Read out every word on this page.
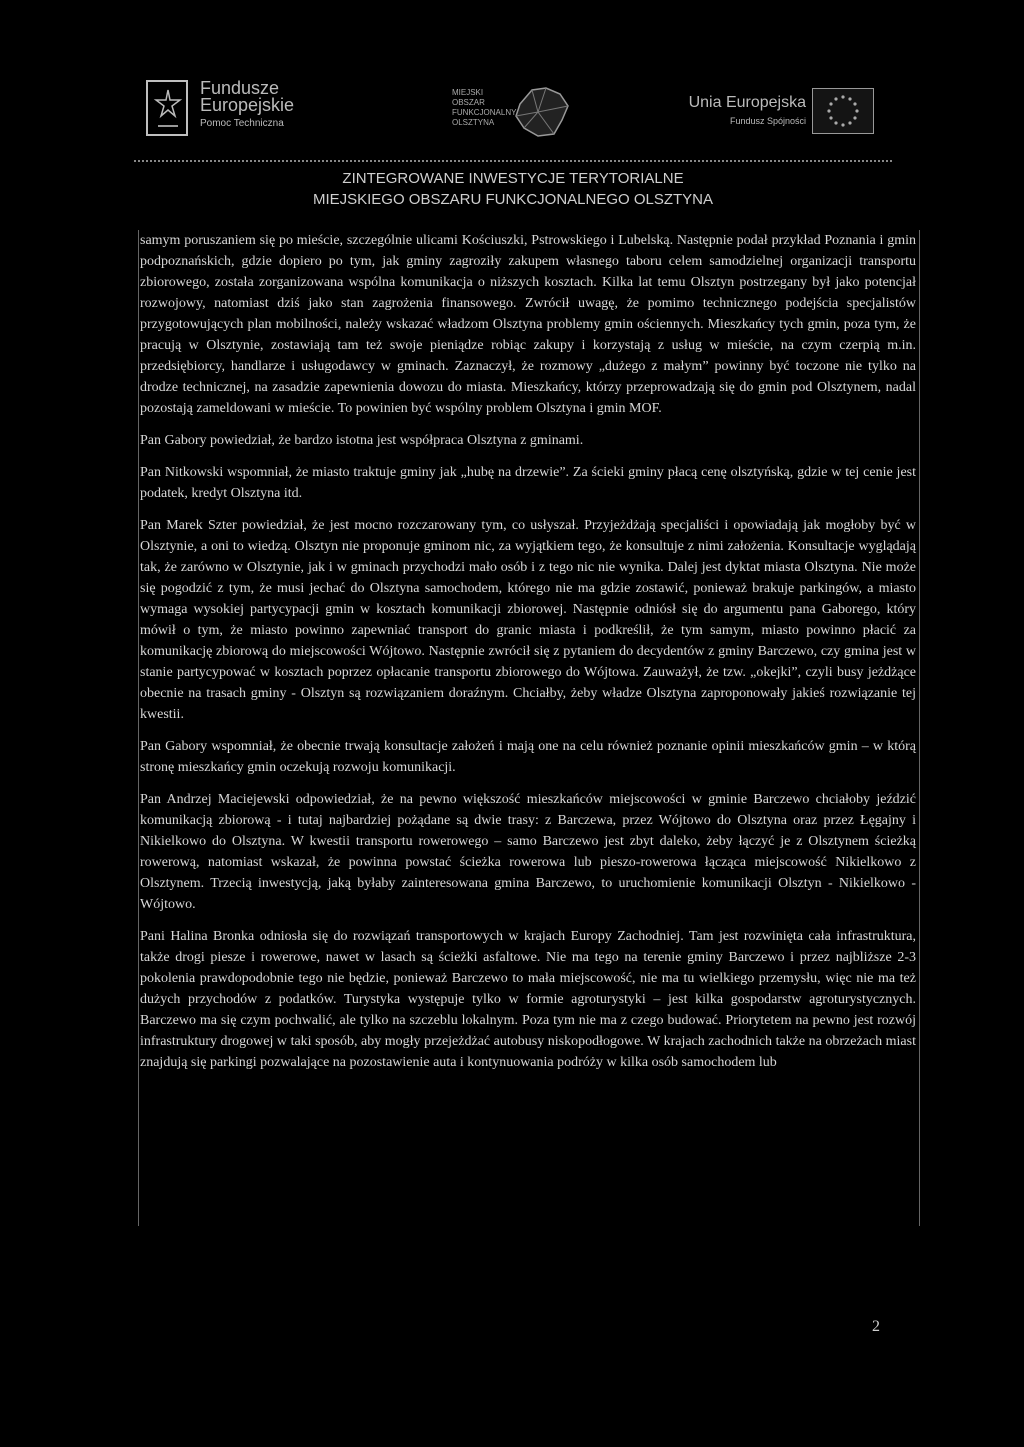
Fundusze
Europejskie
Pomoc Techniczna
MIEJSKI
OBSZAR
FUNKCJONALNY
OLSZTYNA
Unia Europejska
Fundusz Spójności
ZINTEGROWANE INWESTYCJE TERYTORIALNE
MIEJSKIEGO OBSZARU FUNKCJONALNEGO OLSZTYNA

samym poruszaniem się po mieście, szczególnie ulicami Kościuszki, Pstrowskiego i Lubelską. Następnie podał przykład Poznania i gmin podpoznańskich, gdzie dopiero po tym, jak gminy zagroziły zakupem własnego taboru celem samodzielnej organizacji transportu zbiorowego, została zorganizowana wspólna komunikacja o niższych kosztach. Kilka lat temu Olsztyn postrzegany był jako potencjał rozwojowy, natomiast dziś jako stan zagrożenia finansowego. Zwrócił uwagę, że pomimo technicznego podejścia specjalistów przygotowujących plan mobilności, należy wskazać władzom Olsztyna problemy gmin ościennych. Mieszkańcy tych gmin, poza tym, że pracują w Olsztynie, zostawiają tam też swoje pieniądze robiąc zakupy i korzystają z usług w mieście, na czym czerpią m.in. przedsiębiorcy, handlarze i usługodawcy w gminach. Zaznaczył, że rozmowy „dużego z małym” powinny być toczone nie tylko na drodze technicznej, na zasadzie zapewnienia dowozu do miasta. Mieszkańcy, którzy przeprowadzają się do gmin pod Olsztynem, nadal pozostają zameldowani w mieście. To powinien być wspólny problem Olsztyna i gmin MOF.

Pan Gabory powiedział, że bardzo istotna jest współpraca Olsztyna z gminami.

Pan Nitkowski wspomniał, że miasto traktuje gminy jak „hubę na drzewie”. Za ścieki gminy płacą cenę olsztyńską, gdzie w tej cenie jest podatek, kredyt Olsztyna itd.

Pan Marek Szter powiedział, że jest mocno rozczarowany tym, co usłyszał. Przyjeżdżają specjaliści i opowiadają jak mogłoby być w Olsztynie, a oni to wiedzą. Olsztyn nie proponuje gminom nic, za wyjątkiem tego, że konsultuje z nimi założenia. Konsultacje wyglądają tak, że zarówno w Olsztynie, jak i w gminach przychodzi mało osób i z tego nic nie wynika. Dalej jest dyktat miasta Olsztyna. Nie może się pogodzić z tym, że musi jechać do Olsztyna samochodem, którego nie ma gdzie zostawić, ponieważ brakuje parkingów, a miasto wymaga wysokiej partycypacji gmin w kosztach komunikacji zbiorowej. Następnie odniósł się do argumentu pana Gaborego, który mówił o tym, że miasto powinno zapewniać transport do granic miasta i podkreślił, że tym samym, miasto powinno płacić za komunikację zbiorową do miejscowości Wójtowo. Następnie zwrócił się z pytaniem do decydentów z gminy Barczewo, czy gmina jest w stanie partycypować w kosztach poprzez opłacanie transportu zbiorowego do Wójtowa. Zauważył, że tzw. „okejki”, czyli busy jeżdżące obecnie na trasach gminy - Olsztyn są rozwiązaniem doraźnym. Chciałby, żeby władze Olsztyna zaproponowały jakieś rozwiązanie tej kwestii.

Pan Gabory wspomniał, że obecnie trwają konsultacje założeń i mają one na celu również poznanie opinii mieszkańców gmin – w którą stronę mieszkańcy gmin oczekują rozwoju komunikacji.

Pan Andrzej Maciejewski odpowiedział, że na pewno większość mieszkańców miejscowości w gminie Barczewo chciałoby jeździć komunikacją zbiorową - i tutaj najbardziej pożądane są dwie trasy: z Barczewa, przez Wójtowo do Olsztyna oraz przez Łęgajny i Nikielkowo do Olsztyna. W kwestii transportu rowerowego – samo Barczewo jest zbyt daleko, żeby łączyć je z Olsztynem ścieżką rowerową, natomiast wskazał, że powinna powstać ścieżka rowerowa lub pieszo-rowerowa łącząca miejscowość Nikielkowo z Olsztynem. Trzecią inwestycją, jaką byłaby zainteresowana gmina Barczewo, to uruchomienie komunikacji Olsztyn - Nikielkowo - Wójtowo.

Pani Halina Bronka odniosła się do rozwiązań transportowych w krajach Europy Zachodniej. Tam jest rozwinięta cała infrastruktura, także drogi piesze i rowerowe, nawet w lasach są ścieżki asfaltowe. Nie ma tego na terenie gminy Barczewo i przez najbliższe 2-3 pokolenia prawdopodobnie tego nie będzie, ponieważ Barczewo to mała miejscowość, nie ma tu wielkiego przemysłu, więc nie ma też dużych przychodów z podatków. Turystyka występuje tylko w formie agroturystyki – jest kilka gospodarstw agroturystycznych. Barczewo ma się czym pochwalić, ale tylko na szczeblu lokalnym. Poza tym nie ma z czego budować. Priorytetem na pewno jest rozwój infrastruktury drogowej w taki sposób, aby mogły przejeżdżać autobusy niskopodłogowe. W krajach zachodnich także na obrzeżach miast znajdują się parkingi pozwalające na pozostawienie auta i kontynuowania podróży w kilka osób samochodem lub

2
